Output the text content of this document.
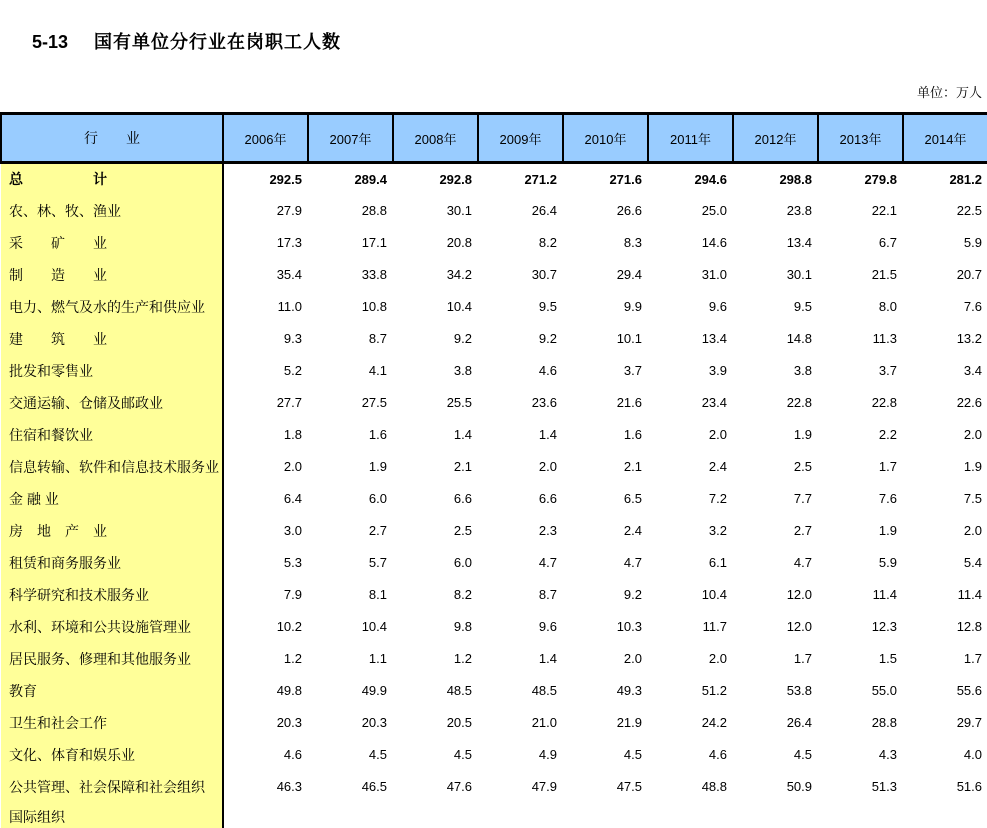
5-13 国有单位分行业在岗职工人数

单位：万人
行　　业	2006年	2007年	2008年	2009年	2010年	2011年	2012年	2013年	2014年
总　　　　　计	292.5	289.4	292.8	271.2	271.6	294.6	298.8	279.8	281.2
农、林、牧、渔业	27.9	28.8	30.1	26.4	26.6	25.0	23.8	22.1	22.5
采　　矿　　业	17.3	17.1	20.8	8.2	8.3	14.6	13.4	6.7	5.9
制　　造　　业	35.4	33.8	34.2	30.7	29.4	31.0	30.1	21.5	20.7
电力、燃气及水的生产和供应业	11.0	10.8	10.4	9.5	9.9	9.6	9.5	8.0	7.6
建　　筑　　业	9.3	8.7	9.2	9.2	10.1	13.4	14.8	11.3	13.2
批发和零售业	5.2	4.1	3.8	4.6	3.7	3.9	3.8	3.7	3.4
交通运输、仓储及邮政业	27.7	27.5	25.5	23.6	21.6	23.4	22.8	22.8	22.6
住宿和餐饮业	1.8	1.6	1.4	1.4	1.6	2.0	1.9	2.2	2.0
信息转输、软件和信息技术服务业	2.0	1.9	2.1	2.0	2.1	2.4	2.5	1.7	1.9
金 融 业	6.4	6.0	6.6	6.6	6.5	7.2	7.7	7.6	7.5
房　地　产　业	3.0	2.7	2.5	2.3	2.4	3.2	2.7	1.9	2.0
租赁和商务服务业	5.3	5.7	6.0	4.7	4.7	6.1	4.7	5.9	5.4
科学研究和技术服务业	7.9	8.1	8.2	8.7	9.2	10.4	12.0	11.4	11.4
水利、环境和公共设施管理业	10.2	10.4	9.8	9.6	10.3	11.7	12.0	12.3	12.8
居民服务、修理和其他服务业	1.2	1.1	1.2	1.4	2.0	2.0	1.7	1.5	1.7
教育	49.8	49.9	48.5	48.5	49.3	51.2	53.8	55.0	55.6
卫生和社会工作	20.3	20.3	20.5	21.0	21.9	24.2	26.4	28.8	29.7
文化、体育和娱乐业	4.6	4.5	4.5	4.9	4.5	4.6	4.5	4.3	4.0
公共管理、社会保障和社会组织	46.3	46.5	47.6	47.9	47.5	48.8	50.9	51.3	51.6
国际组织									
